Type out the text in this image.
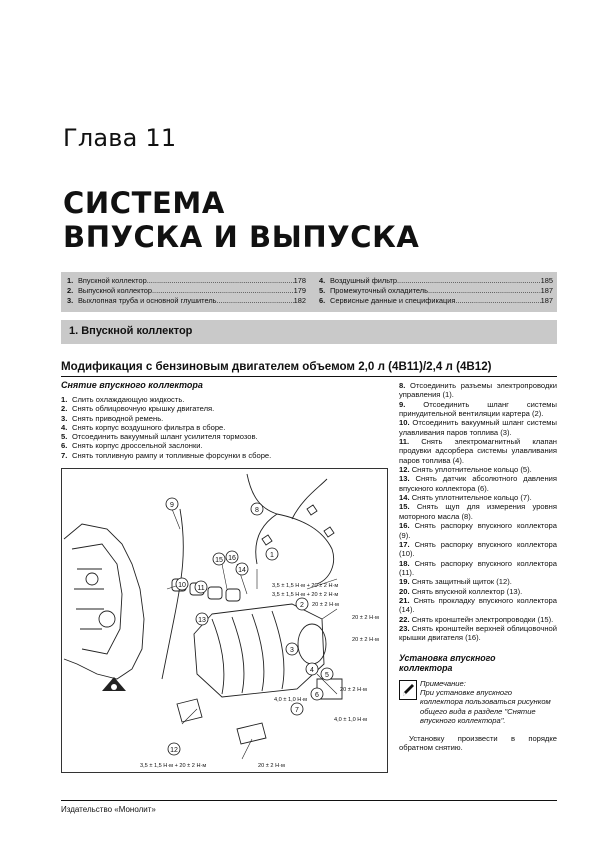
Глава 11
СИСТЕМА
ВПУСКА И ВЫПУСКА
1. Впускной коллектор .....	178
2. Выпускной коллектор .....	179
3. Выхлопная труба и основной глушитель .....	182
4. Воздушный фильтр .....	185
5. Промежуточный охладитель .....	187
6. Сервисные данные и спецификация .....	187
1. Впускной коллектор
Модификация с бензиновым двигателем объемом 2,0 л (4В11)/2,4 л (4В12)
Снятие впускного коллектора
1. Слить охлаждающую жидкость.
2. Снять облицовочную крышку двигателя.
3. Снять приводной ремень.
4. Снять корпус воздушного фильтра в сборе.
5. Отсоединить вакуумный шланг усилителя тормозов.
6. Снять корпус дроссельной заслонки.
7. Снять топливную рампу и топливные форсунки в сборе.
9
15 16
10 11
14
13
1
2
3
4
5
6
7
8
12
3,5 ± 1,5 Н·м + 20 ± 2 Н·м
3,5 ± 1,5 Н·м + 20 ± 2 Н·м
20 ± 2 Н·м
20 ± 2 Н·м
20 ± 2 Н·м
4,0 ± 1,0 Н·м
4,0 ± 1,0 Н·м
20 ± 2 Н·м
3,5 ± 1,5 Н·м + 20 ± 2 Н·м	20 ± 2 Н·м
8. Отсоединить разъемы электропроводки управления (1).
9. Отсоединить шланг системы принудительной вентиляции картера (2).
10. Отсоединить вакуумный шланг системы улавливания паров топлива (3).
11. Снять электромагнитный клапан продувки адсорбера системы улавливания паров топлива (4).
12. Снять уплотнительное кольцо (5).
13. Снять датчик абсолютного давления впускного коллектора (6).
14. Снять уплотнительное кольцо (7).
15. Снять щуп для измерения уровня моторного масла (8).
16. Снять распорку впускного коллектора (9).
17. Снять распорку впускного коллектора (10).
18. Снять распорку впускного коллектора (11).
19. Снять защитный щиток (12).
20. Снять впускной коллектор (13).
21. Снять прокладку впускного коллектора (14).
22. Снять кронштейн электропроводки (15).
23. Снять кронштейн верхней облицовочной крышки двигателя (16).
Установка впускного
коллектора
Примечание:
При установке впускного коллектора пользоваться рисунком общего вида в разделе "Снятие впускного коллектора".
Установку произвести в порядке обратном снятию.
Издательство «Монолит»
